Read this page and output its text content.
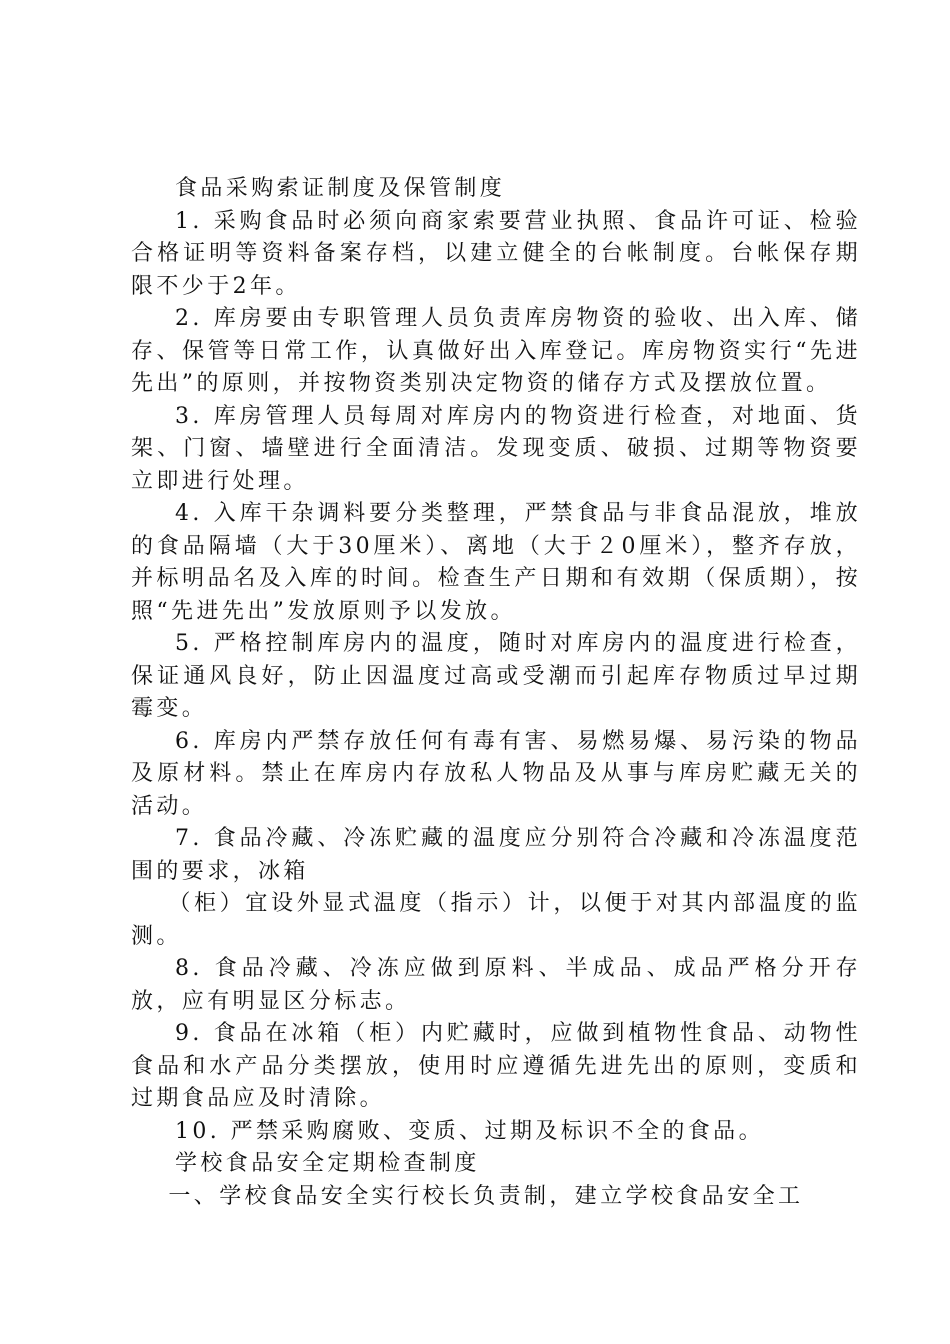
食品采购索证制度及保管制度

1. 采购食品时必须向商家索要营业执照、食品许可证、检验合格证明等资料备案存档，以建立健全的台帐制度。台帐保存期限不少于2年。

2. 库房要由专职管理人员负责库房物资的验收、出入库、储存、保管等日常工作，认真做好出入库登记。库房物资实行“先进先出”的原则，并按物资类别决定物资的储存方式及摆放位置。

3. 库房管理人员每周对库房内的物资进行检查，对地面、货架、门窗、墙壁进行全面清洁。发现变质、破损、过期等物资要立即进行处理。

4. 入库干杂调料要分类整理，严禁食品与非食品混放，堆放的食品隔墙（大于30厘米）、离地（大于２0厘米），整齐存放，并标明品名及入库的时间。检查生产日期和有效期（保质期），按照“先进先出”发放原则予以发放。

5. 严格控制库房内的温度，随时对库房内的温度进行检查，保证通风良好，防止因温度过高或受潮而引起库存物质过早过期霉变。

6. 库房内严禁存放任何有毒有害、易燃易爆、易污染的物品及原材料。禁止在库房内存放私人物品及从事与库房贮藏无关的活动。

7. 食品冷藏、冷冻贮藏的温度应分别符合冷藏和冷冻温度范围的要求，冰箱

（柜）宜设外显式温度（指示）计，以便于对其内部温度的监测。

8. 食品冷藏、冷冻应做到原料、半成品、成品严格分开存放，应有明显区分标志。

9. 食品在冰箱（柜）内贮藏时，应做到植物性食品、动物性食品和水产品分类摆放，使用时应遵循先进先出的原则，变质和过期食品应及时清除。

10. 严禁采购腐败、变质、过期及标识不全的食品。

学校食品安全定期检查制度

一、学校食品安全实行校长负责制，建立学校食品安全工
